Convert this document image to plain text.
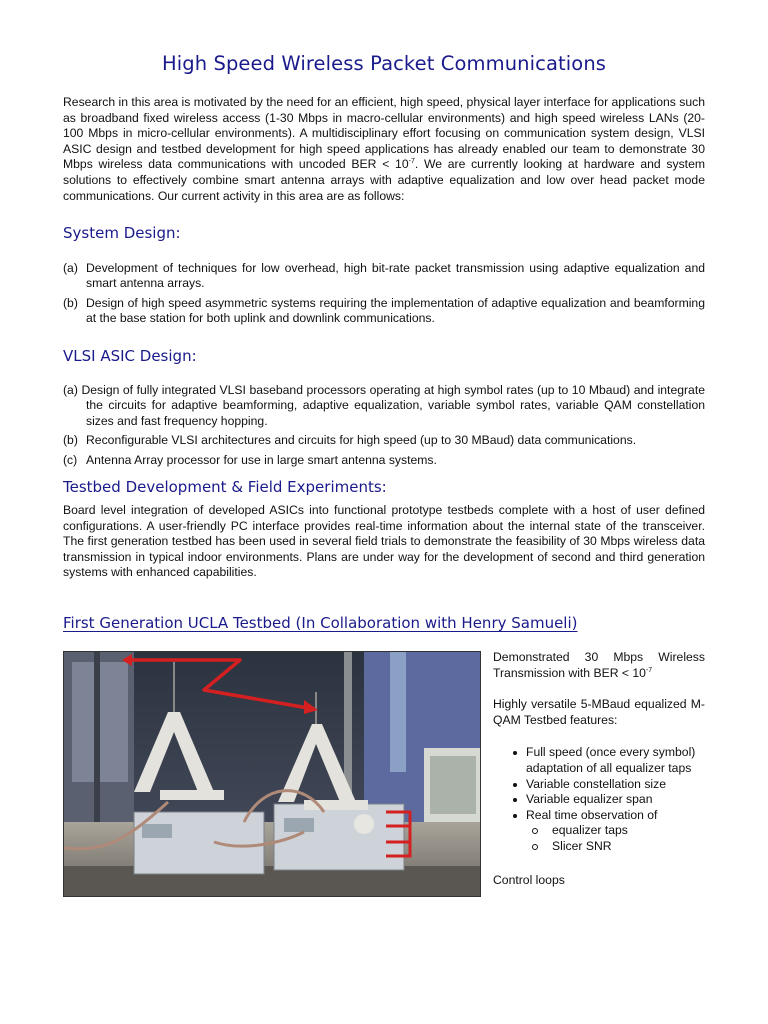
High Speed Wireless Packet Communications
Research in this area is motivated by the need for an efficient, high speed, physical layer interface for applications such as broadband fixed wireless access (1-30 Mbps in macro-cellular environments) and high speed wireless LANs (20-100 Mbps in micro-cellular environments). A multidisciplinary effort focusing on communication system design, VLSI ASIC design and testbed development for high speed applications has already enabled our team to demonstrate 30 Mbps wireless data communications with uncoded BER < $10^{-7}$. We are currently looking at hardware and system solutions to effectively combine smart antenna arrays with adaptive equalization and low over head packet mode communications. Our current activity in this area are as follows:
System Design:
(a) Development of techniques for low overhead, high bit-rate packet transmission using adaptive equalization and smart antenna arrays.
(b) Design of high speed asymmetric systems requiring the implementation of adaptive equalization and beamforming at the base station for both uplink and downlink communications.
VLSI ASIC Design:
(a) Design of fully integrated VLSI baseband processors operating at high symbol rates (up to 10 Mbaud) and integrate the circuits for adaptive beamforming, adaptive equalization, variable symbol rates, variable QAM constellation sizes and fast frequency hopping.
(b) Reconfigurable VLSI architectures and circuits for high speed (up to 30 MBaud) data communications.
(c) Antenna Array processor for use in large smart antenna systems.
Testbed Development & Field Experiments:
Board level integration of developed ASICs into functional prototype testbeds complete with a host of user defined configurations. A user-friendly PC interface provides real-time information about the internal state of the transceiver. The first generation testbed has been used in several field trials to demonstrate the feasibility of 30 Mbps wireless data transmission in typical indoor environments. Plans are under way for the development of second and third generation systems with enhanced capabilities.
First Generation UCLA Testbed (In Collaboration with Henry Samueli)

Demonstrated 30 Mbps Wireless Transmission with BER < $10^{-7}$

Highly versatile 5-MBaud equalized M-QAM Testbed features:

Full speed (once every symbol) adaptation of all equalizer taps
Variable constellation size
Variable equalizer span
Real time observation of
equalizer taps
Slicer SNR

Control loops
